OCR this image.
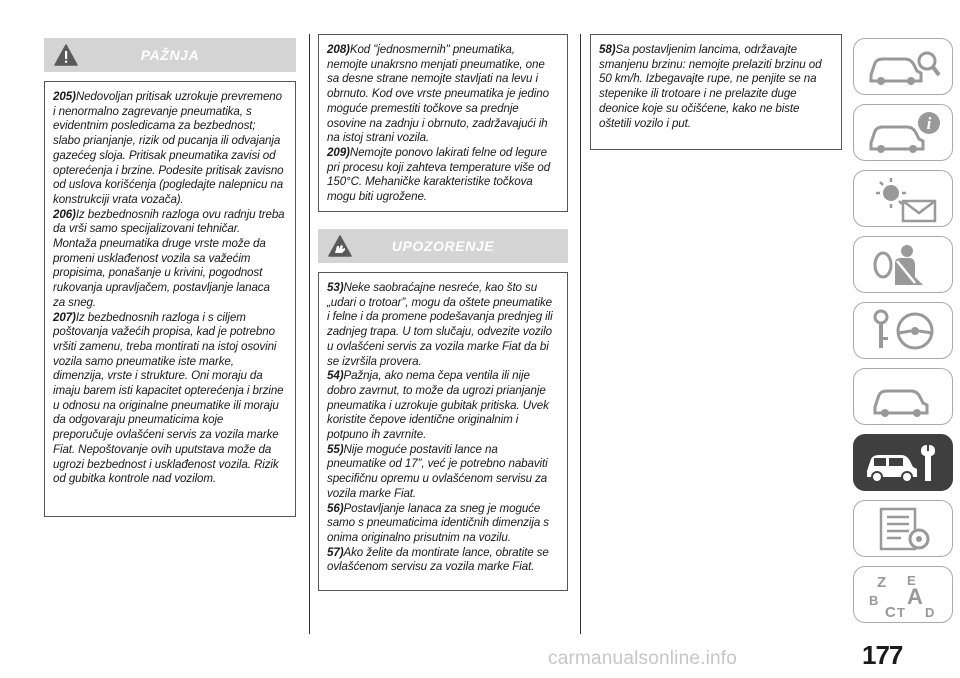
PAŽNJA
205)Nedovoljan pritisak uzrokuje prevremeno i nenormalno zagrevanje pneumatika, s evidentnim posledicama za bezbednost; slabo prianjanje, rizik od pucanja ili odvajanja gazećeg sloja. Pritisak pneumatika zavisi od opterećenja i brzine. Podesite pritisak zavisno od uslova korišćenja (pogledajte nalepnicu na konstrukciji vrata vozača).
206)Iz bezbednosnih razloga ovu radnju treba da vrši samo specijalizovani tehničar. Montaža pneumatika druge vrste može da promeni usklađenost vozila sa važećim propisima, ponašanje u krivini, pogodnost rukovanja upravljačem, postavljanje lanaca za sneg.
207)Iz bezbednosnih razloga i s ciljem poštovanja važećih propisa, kad je potrebno vršiti zamenu, treba montirati na istoj osovini vozila samo pneumatike iste marke, dimenzija, vrste i strukture. Oni moraju da imaju barem isti kapacitet opterećenja i brzine u odnosu na originalne pneumatike ili moraju da odgovaraju pneumaticima koje preporučuje ovlašćeni servis za vozila marke Fiat. Nepoštovanje ovih uputstava može da ugrozi bezbednost i usklađenost vozila. Rizik od gubitka kontrole nad vozilom.
208)Kod "jednosmernih" pneumatika, nemojte unakrsno menjati pneumatike, one sa desne strane nemojte stavljati na levu i obrnuto. Kod ove vrste pneumatika je jedino moguće premestiti točkove sa prednje osovine na zadnju i obrnuto, zadržavajući ih na istoj strani vozila.
209)Nemojte ponovo lakirati felne od legure pri procesu koji zahteva temperature više od 150°C. Mehaničke karakteristike točkova mogu biti ugrožene.
UPOZORENJE
53)Neke saobraćajne nesreće, kao što su „udari o trotoar”, mogu da oštete pneumatike i felne i da promene podešavanja prednjeg ili zadnjeg trapa. U tom slučaju, odvezite vozilo u ovlašćeni servis za vozila marke Fiat da bi se izvršila provera.
54)Pažnja, ako nema čepa ventila ili nije dobro zavrnut, to može da ugrozi prianjanje pneumatika i uzrokuje gubitak pritiska. Uvek koristite čepove identične originalnim i potpuno ih zavrnite.
55)Nije moguće postaviti lance na pneumatike od 17”, već je potrebno nabaviti specifičnu opremu u ovlašćenom servisu za vozila marke Fiat.
56)Postavljanje lanaca za sneg je moguće samo s pneumaticima identičnih dimenzija s onima originalno prisutnim na vozilu.
57)Ako želite da montirate lance, obratite se ovlašćenom servisu za vozila marke Fiat.
58)Sa postavljenim lancima, održavajte smanjenu brzinu: nemojte prelaziti brzinu od 50 km/h. Izbegavajte rupe, ne penjite se na stepenike ili trotoare i ne prelazite duge deonice koje su očišćene, kako ne biste oštetili vozilo i put.	i
Z E
A
B
C T D
carmanualsonline.info	177
